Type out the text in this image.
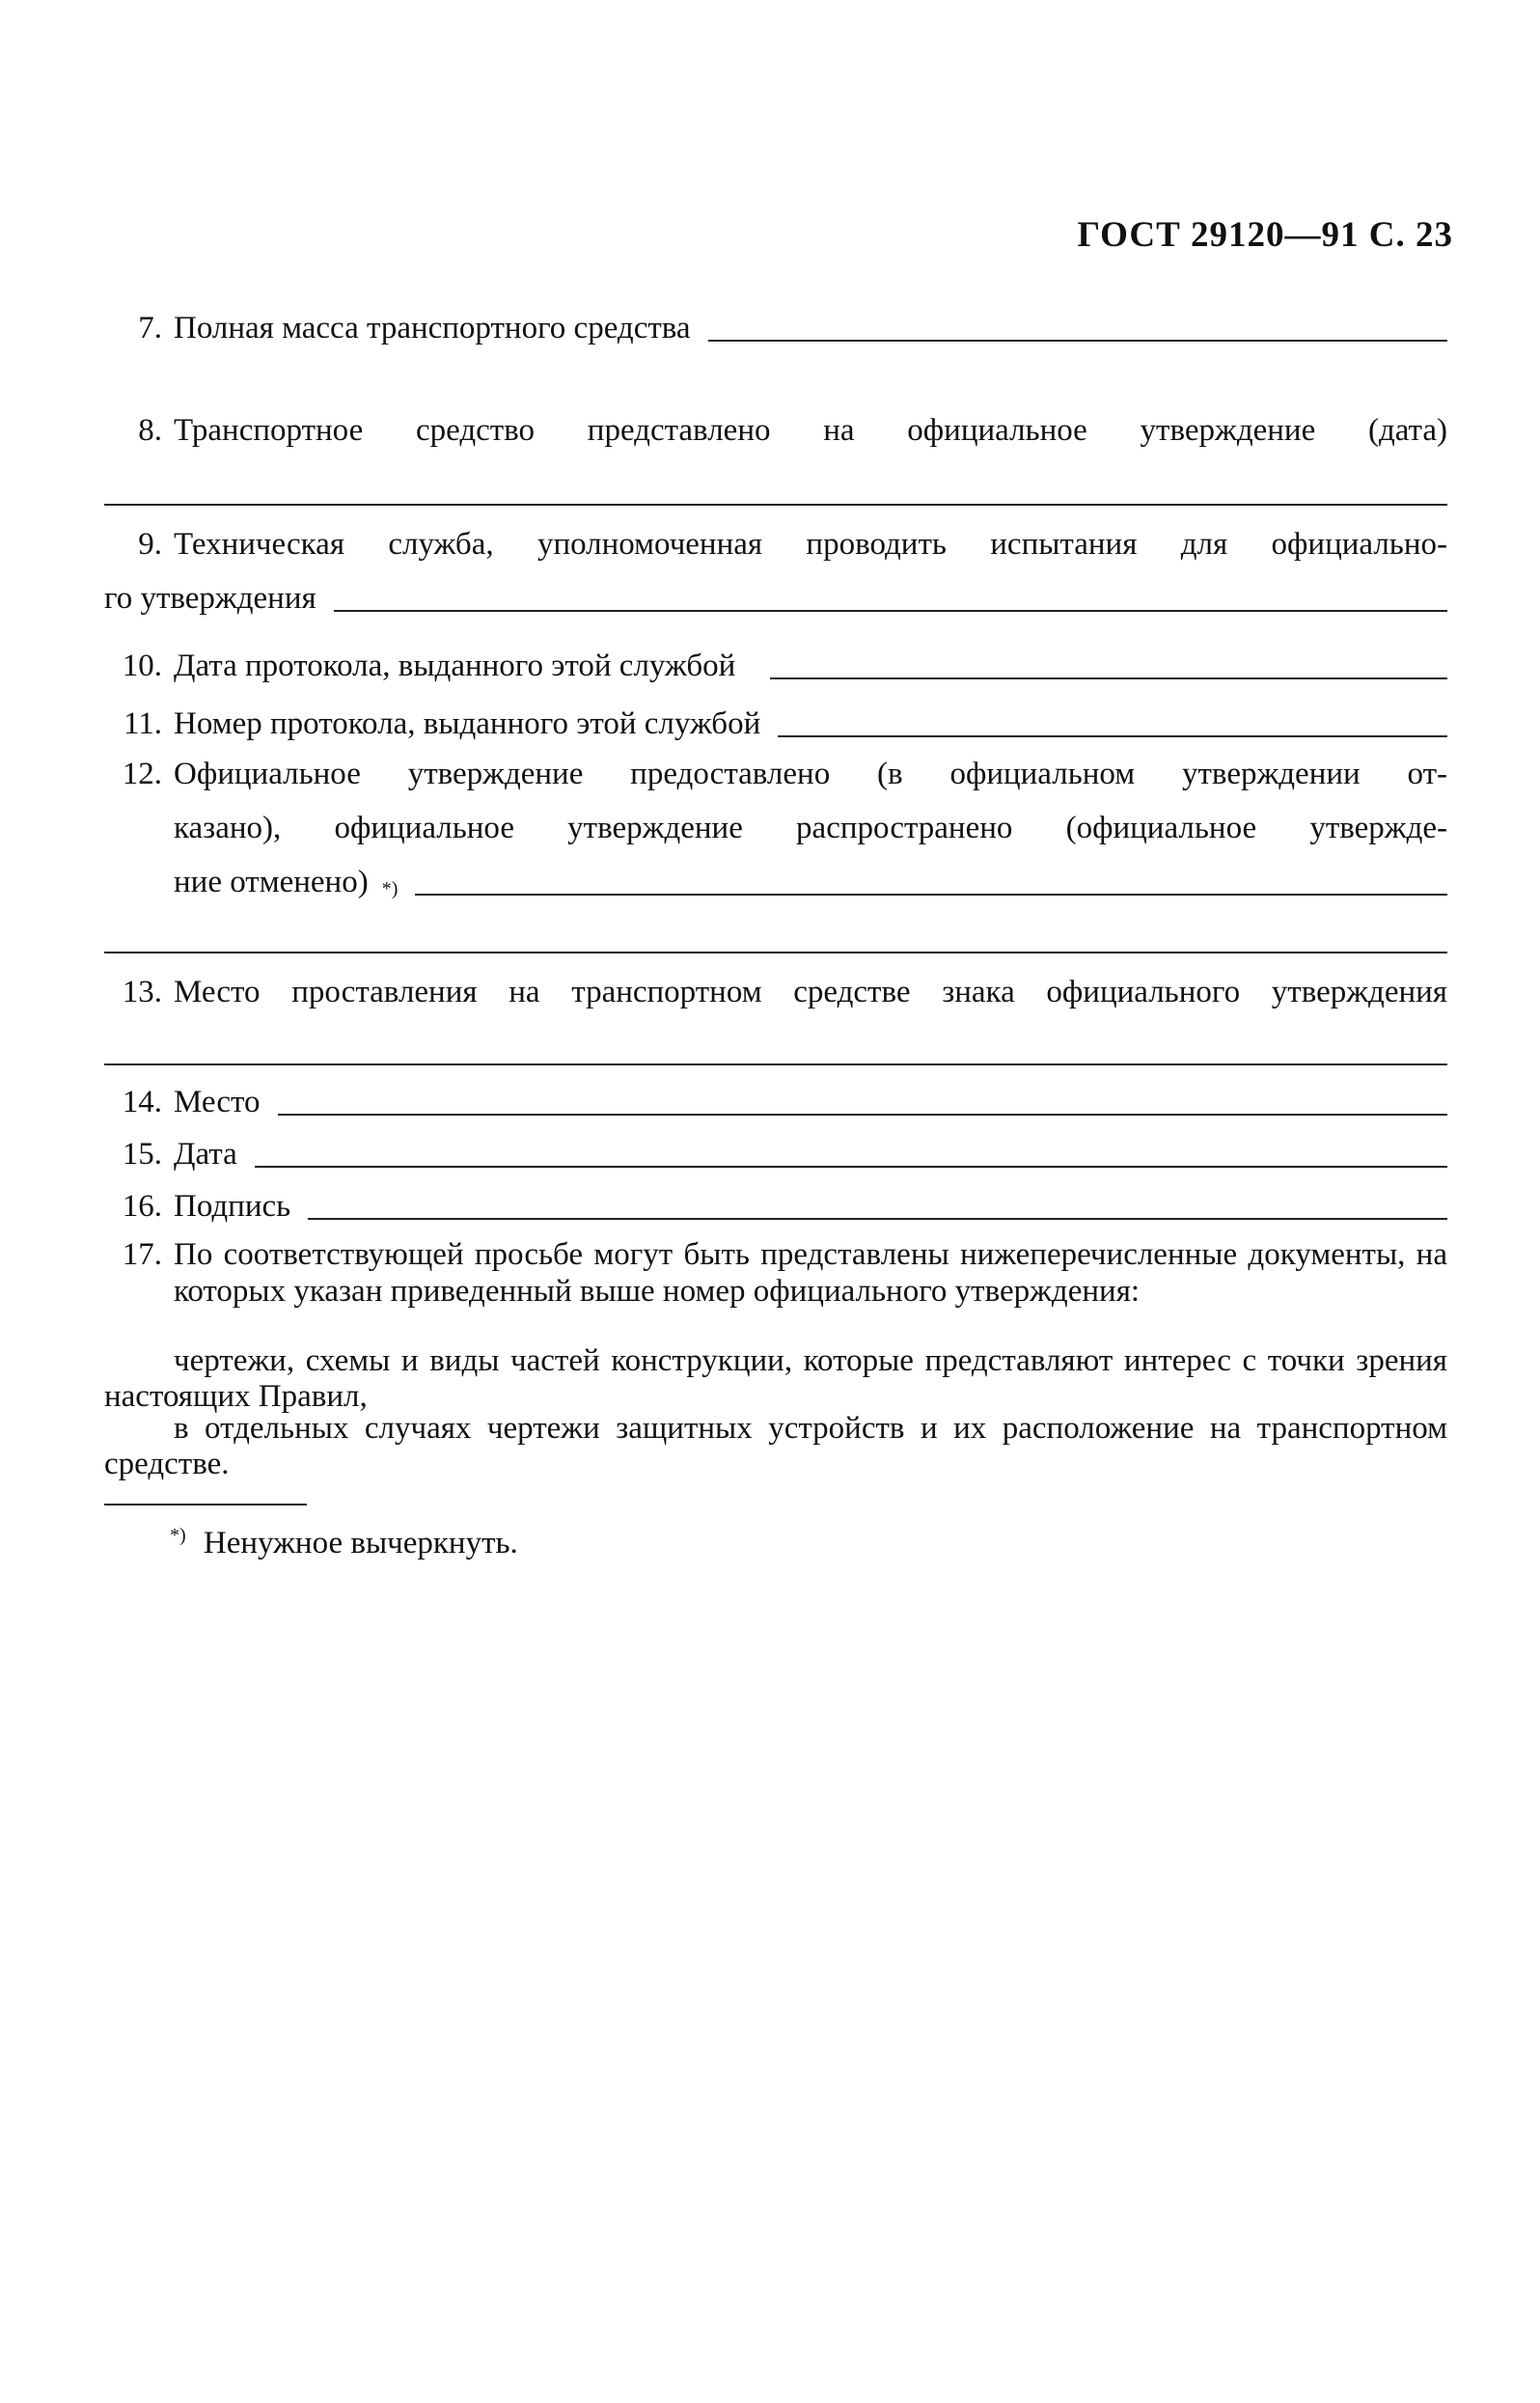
ГОСТ 29120—91 С. 23
7. Полная масса транспортного средства
8. Транспортное средство представлено на официальное утверждение (дата)
9. Техническая служба, уполномоченная проводить испытания для официально-
го утверждения
10. Дата протокола, выданного этой службой
11. Номер протокола, выданного этой службой
12. Официальное утверждение предоставлено (в официальном утверждении от-
казано), официальное утверждение распространено (официальное утвержде-
ние отменено) *)
13. Место проставления на транспортном средстве знака официального утверждения
14. Место
15. Дата
16. Подпись
17. По соответствующей просьбе могут быть представлены нижеперечисленные документы, на которых указан приведенный выше номер официального утверждения:
чертежи, схемы и виды частей конструкции, которые представляют интерес с точки зрения настоящих Правил,
в отдельных случаях чертежи защитных устройств и их расположение на транспортном средстве.
*) Ненужное вычеркнуть.
